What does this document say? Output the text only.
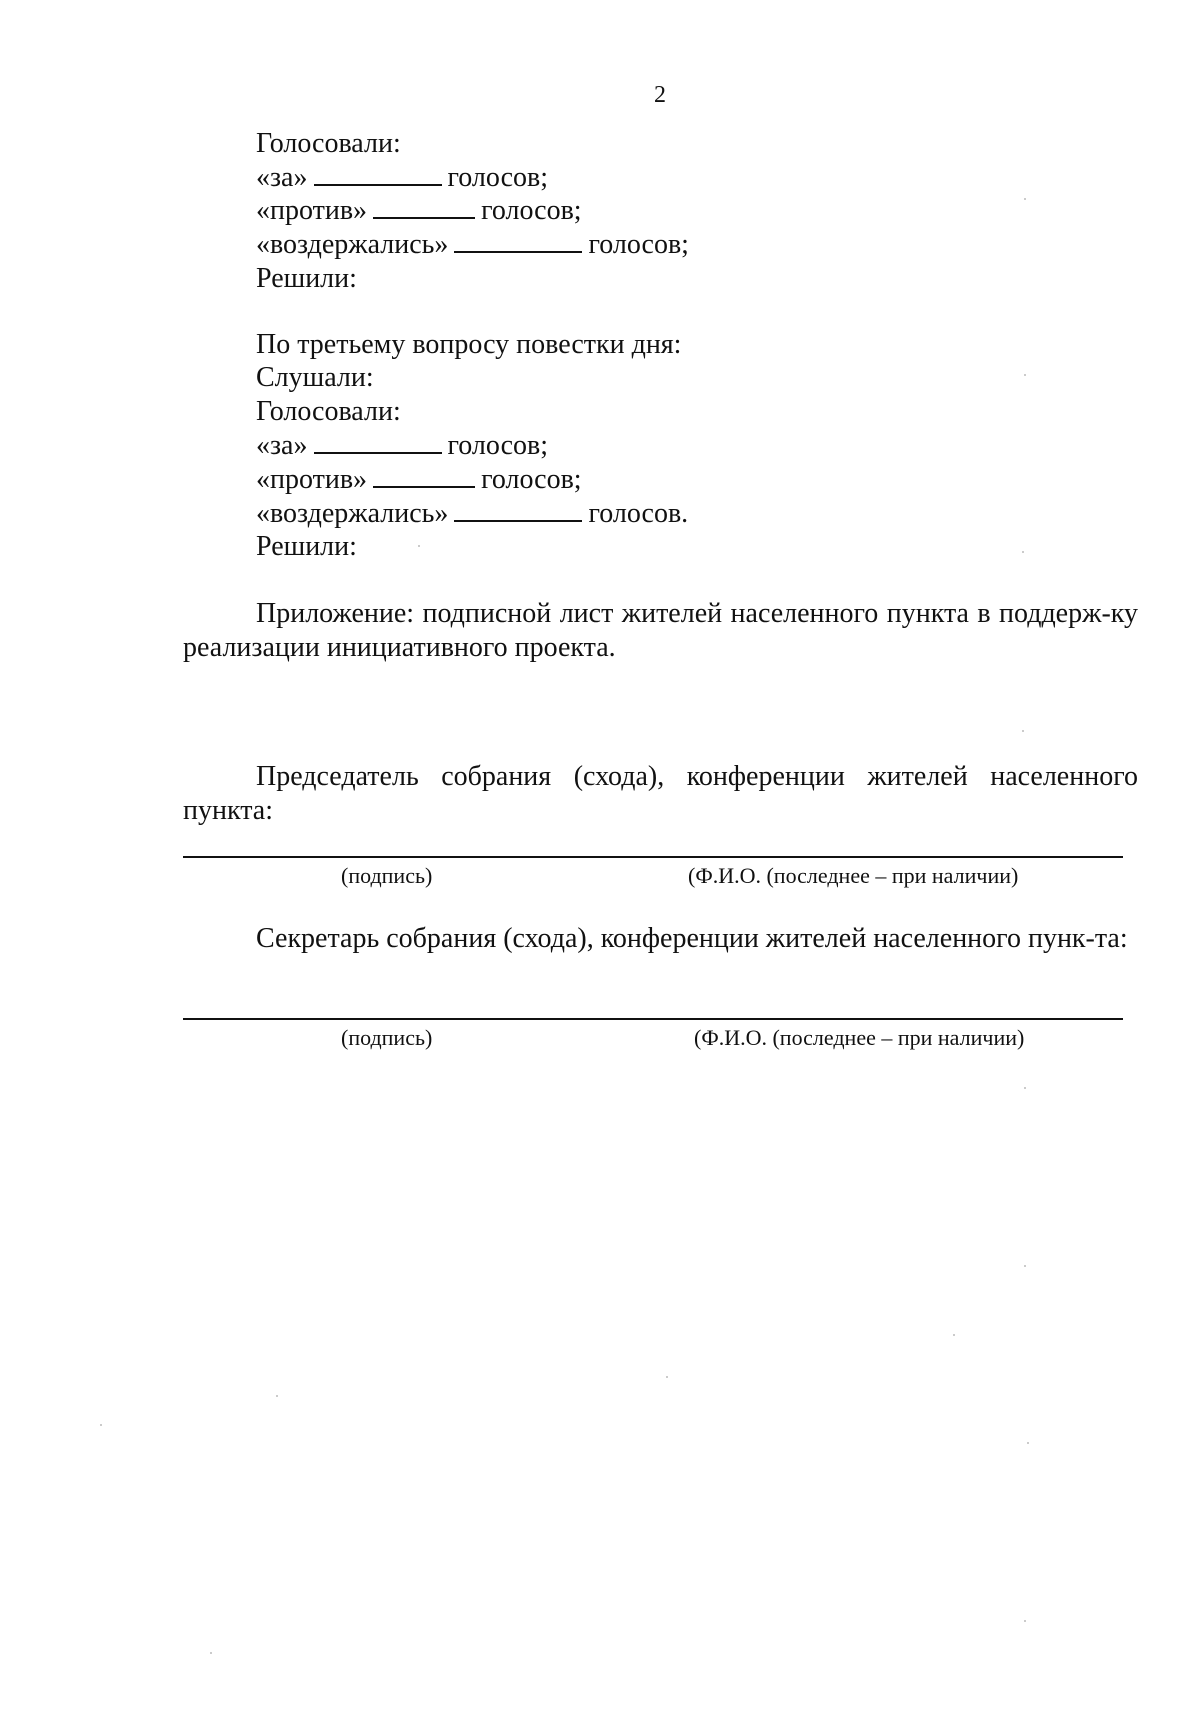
2
Голосовали:
«за»	голосов;
«против»	голосов;
«воздержались»	голосов;
Решили:
По третьему вопросу повестки дня:
Слушали:
Голосовали:
«за»	голосов;
«против»	голосов;
«воздержались»	голосов.
Решили:
Приложение: подписной лист жителей населенного пункта в поддерж-ку реализации инициативного проекта.
Председатель собрания (схода), конференции жителей населенного пункта:
(подпись)	(Ф.И.О. (последнее – при наличии)
Секретарь собрания (схода), конференции жителей населенного пунк-та:
(подпись)	(Ф.И.О. (последнее – при наличии)
